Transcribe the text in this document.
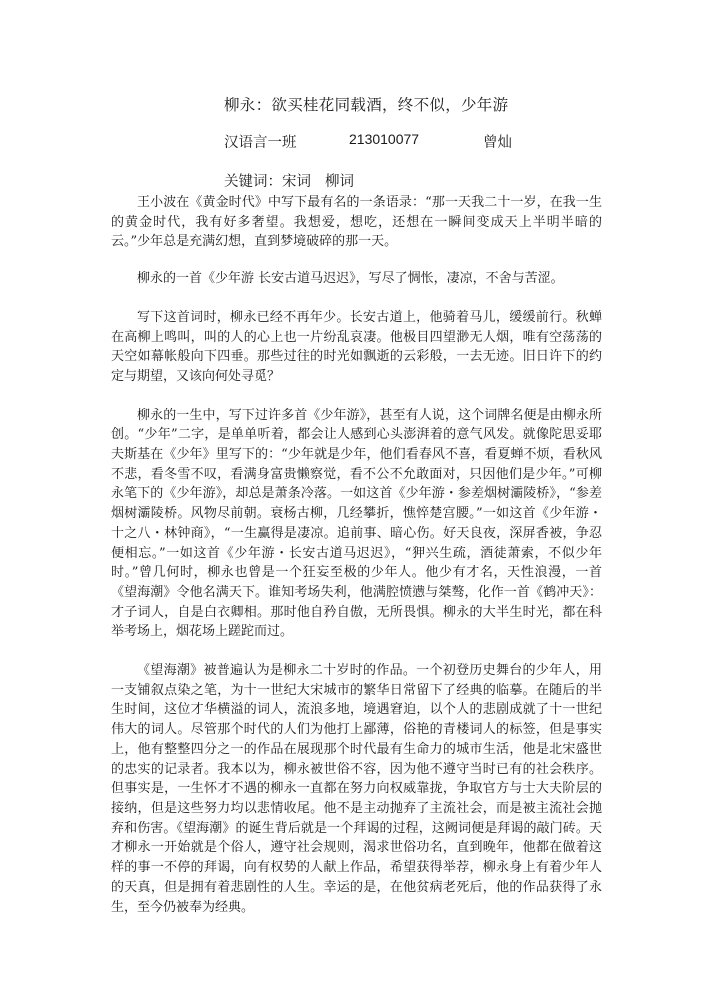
柳永：欲买桂花同载酒，终不似，少年游
汉语言一班	213010077	曾灿
关键词：宋词 柳词

王小波在《黄金时代》中写下最有名的一条语录：“那一天我二十一岁，在我一生的黄金时代，我有好多奢望。我想爱，想吃，还想在一瞬间变成天上半明半暗的云。”少年总是充满幻想，直到梦境破碎的那一天。

柳永的一首《少年游 长安古道马迟迟》，写尽了惆怅，凄凉，不舍与苦涩。

写下这首词时，柳永已经不再年少。长安古道上，他骑着马儿，缓缓前行。秋蝉在高柳上鸣叫，叫的人的心上也一片纷乱哀凄。他极目四望渺无人烟，唯有空荡荡的天空如幕帐般向下四垂。那些过往的时光如飘逝的云彩般，一去无迹。旧日许下的约定与期望，又该向何处寻觅？

柳永的一生中，写下过许多首《少年游》，甚至有人说，这个词牌名便是由柳永所创。“少年”二字，是单单听着，都会让人感到心头澎湃着的意气风发。就像陀思妥耶夫斯基在《少年》里写下的：“少年就是少年，他们看春风不喜，看夏蝉不烦，看秋风不悲，看冬雪不叹，看满身富贵懒察觉，看不公不允敢面对，只因他们是少年。”可柳永笔下的《少年游》，却总是萧条冷落。一如这首《少年游・参差烟树灞陵桥》，“参差烟树灞陵桥。风物尽前朝。衰杨古柳，几经攀折，憔悴楚宫腰。”一如这首《少年游・十之八・林钟商》，“一生赢得是凄凉。追前事、暗心伤。好天良夜，深屏香被，争忍便相忘。”一如这首《少年游・长安古道马迟迟》，“狎兴生疏，酒徒萧索，不似少年时。”曾几何时，柳永也曾是一个狂妄至极的少年人。他少有才名，天性浪漫，一首《望海潮》令他名满天下。谁知考场失利，他满腔愤懑与桀骜，化作一首《鹤冲天》：才子词人，自是白衣卿相。那时他自矜自傲，无所畏惧。柳永的大半生时光，都在科举考场上，烟花场上蹉跎而过。

《望海潮》被普遍认为是柳永二十岁时的作品。一个初登历史舞台的少年人，用一支铺叙点染之笔，为十一世纪大宋城市的繁华日常留下了经典的临摹。在随后的半生时间，这位才华横溢的词人，流浪多地，境遇窘迫，以个人的悲剧成就了十一世纪伟大的词人。尽管那个时代的人们为他打上鄙薄，俗艳的青楼词人的标签，但是事实上，他有整整四分之一的作品在展现那个时代最有生命力的城市生活，他是北宋盛世的忠实的记录者。我本以为，柳永被世俗不容，因为他不遵守当时已有的社会秩序。但事实是，一生怀才不遇的柳永一直都在努力向权威靠拢，争取官方与士大夫阶层的接纳，但是这些努力均以悲情收尾。他不是主动抛弃了主流社会，而是被主流社会抛弃和伤害。《望海潮》的诞生背后就是一个拜谒的过程，这阙词便是拜谒的敲门砖。天才柳永一开始就是个俗人，遵守社会规则，渴求世俗功名，直到晚年，他都在做着这样的事一不停的拜谒，向有权势的人献上作品，希望获得举荐，柳永身上有着少年人的天真，但是拥有着悲剧性的人生。幸运的是，在他贫病老死后，他的作品获得了永生，至今仍被奉为经典。
